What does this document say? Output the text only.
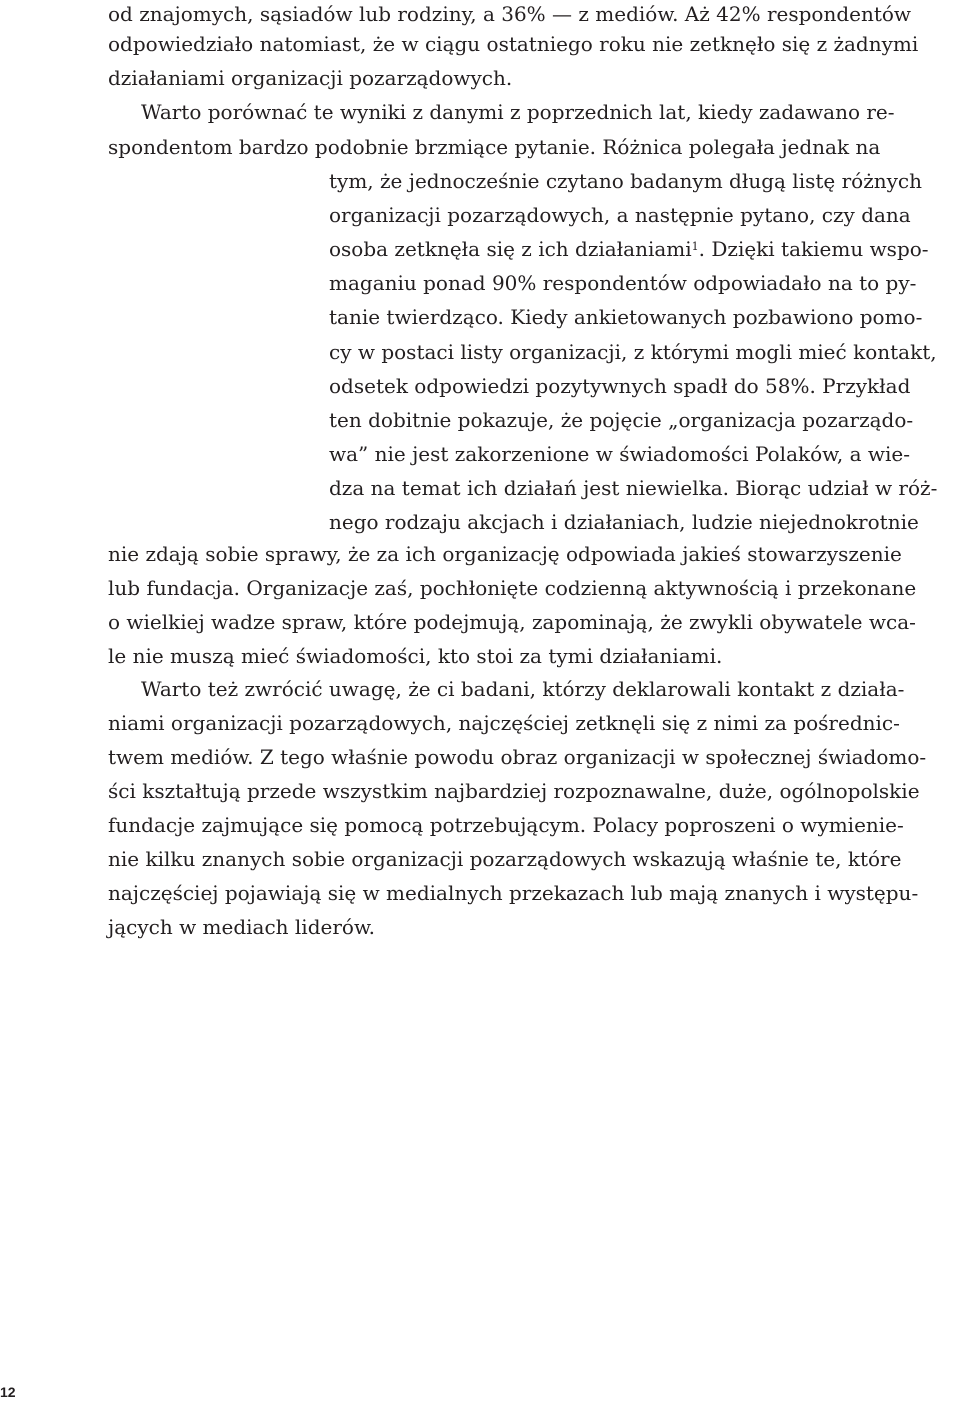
od znajomych, sąsiadów lub rodziny, a 36% — z mediów. Aż 42% respondentów
odpowiedziało natomiast, że w ciągu ostatniego roku nie zetknęło się z żadnymi
działaniami organizacji pozarządowych.
Warto porównać te wyniki z danymi z poprzednich lat, kiedy zadawano re-
spondentom bardzo podobnie brzmiące pytanie. Różnica polegała jednak na
tym, że jednocześnie czytano badanym długą listę różnych
organizacji pozarządowych, a następnie pytano, czy dana
osoba zetknęła się z ich działaniami$^1$. Dzięki takiemu wspo-
maganiu ponad 90% respondentów odpowiadało na to py-
tanie twierdząco. Kiedy ankietowanych pozbawiono pomo-
cy w postaci listy organizacji, z którymi mogli mieć kontakt,
odsetek odpowiedzi pozytywnych spadł do 58%. Przykład
ten dobitnie pokazuje, że pojęcie „organizacja pozarządo-
wa” nie jest zakorzenione w świadomości Polaków, a wie-
dza na temat ich działań jest niewielka. Biorąc udział w róż-
nego rodzaju akcjach i działaniach, ludzie niejednokrotnie
nie zdają sobie sprawy, że za ich organizację odpowiada jakieś stowarzyszenie
lub fundacja. Organizacje zaś, pochłonięte codzienną aktywnością i przekonane
o wielkiej wadze spraw, które podejmują, zapominają, że zwykli obywatele wca-
le nie muszą mieć świadomości, kto stoi za tymi działaniami.
Warto też zwrócić uwagę, że ci badani, którzy deklarowali kontakt z działa-
niami organizacji pozarządowych, najczęściej zetknęli się z nimi za pośrednic-
twem mediów. Z tego właśnie powodu obraz organizacji w społecznej świadomo-
ści kształtują przede wszystkim najbardziej rozpoznawalne, duże, ogólnopolskie
fundacje zajmujące się pomocą potrzebującym. Polacy poproszeni o wymienie-
nie kilku znanych sobie organizacji pozarządowych wskazują właśnie te, które
najczęściej pojawiają się w medialnych przekazach lub mają znanych i występu-
jących w mediach liderów.
12
